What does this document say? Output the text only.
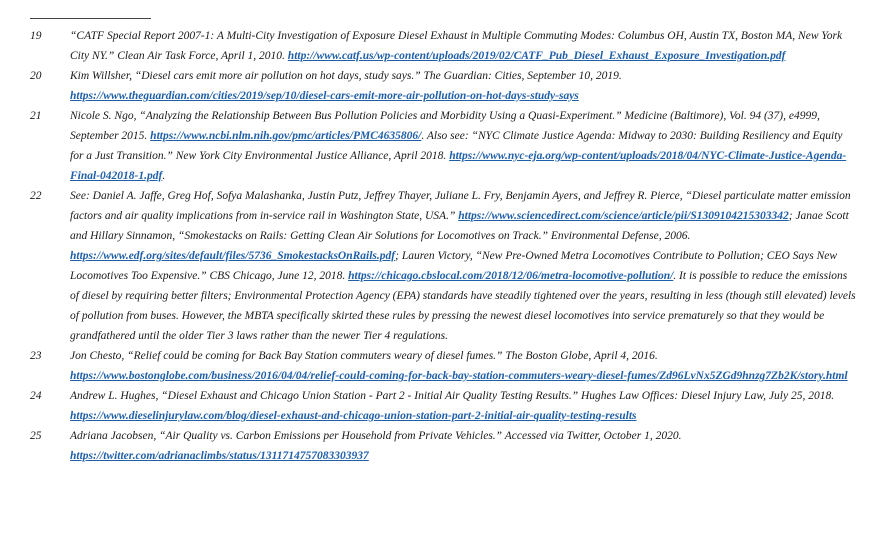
19	“CATF Special Report 2007-1: A Multi-City Investigation of Exposure Diesel Exhaust in Multiple Commuting Modes: Columbus OH, Austin TX, Boston MA, New York City NY.” Clean Air Task Force, April 1, 2010. http://www.catf.us/wp-content/uploads/2019/02/CATF_Pub_Diesel_Exhaust_Exposure_Investigation.pdf
20	Kim Willsher, “Diesel cars emit more air pollution on hot days, study says.” The Guardian: Cities, September 10, 2019. https://www.theguardian.com/cities/2019/sep/10/diesel-cars-emit-more-air-pollution-on-hot-days-study-says
21	Nicole S. Ngo, “Analyzing the Relationship Between Bus Pollution Policies and Morbidity Using a Quasi-Experiment.” Medicine (Baltimore), Vol. 94 (37), e4999, September 2015. https://www.ncbi.nlm.nih.gov/pmc/articles/PMC4635806/. Also see: “NYC Climate Justice Agenda: Midway to 2030: Building Resiliency and Equity for a Just Transition.” New York City Environmental Justice Alliance, April 2018. https://www.nyc-eja.org/wp-content/uploads/2018/04/NYC-Climate-Justice-Agenda-Final-042018-1.pdf.
22	See: Daniel A. Jaffe, Greg Hof, Sofya Malashanka, Justin Putz, Jeffrey Thayer, Juliane L. Fry, Benjamin Ayers, and Jeffrey R. Pierce, “Diesel particulate matter emission factors and air quality implications from in-service rail in Washington State, USA.” https://www.sciencedirect.com/science/article/pii/S1309104215303342; Janae Scott and Hillary Sinnamon, “Smokestacks on Rails: Getting Clean Air Solutions for Locomotives on Track.” Environmental Defense, 2006. https://www.edf.org/sites/default/files/5736_SmokestacksOnRails.pdf; Lauren Victory, “New Pre-Owned Metra Locomotives Contribute to Pollution; CEO Says New Locomotives Too Expensive.” CBS Chicago, June 12, 2018. https://chicago.cbslocal.com/2018/12/06/metra-locomotive-pollution/. It is possible to reduce the emissions of diesel by requiring better filters; Environmental Protection Agency (EPA) standards have steadily tightened over the years, resulting in less (though still elevated) levels of pollution from buses. However, the MBTA specifically skirted these rules by pressing the newest diesel locomotives into service prematurely so that they would be grandfathered until the older Tier 3 laws rather than the newer Tier 4 regulations.
23	Jon Chesto, “Relief could be coming for Back Bay Station commuters weary of diesel fumes.” The Boston Globe, April 4, 2016. https://www.bostonglobe.com/business/2016/04/04/relief-could-coming-for-back-bay-station-commuters-weary-diesel-fumes/Zd96LvNx5ZGd9hnzg7Zb2K/story.html
24	Andrew L. Hughes, “Diesel Exhaust and Chicago Union Station - Part 2 - Initial Air Quality Testing Results.” Hughes Law Offices: Diesel Injury Law, July 25, 2018. https://www.dieselinjurylaw.com/blog/diesel-exhaust-and-chicago-union-station-part-2-initial-air-quality-testing-results
25	Adriana Jacobsen, “Air Quality vs. Carbon Emissions per Household from Private Vehicles.” Accessed via Twitter, October 1, 2020. https://twitter.com/adrianaclimbs/status/1311714757083303937
